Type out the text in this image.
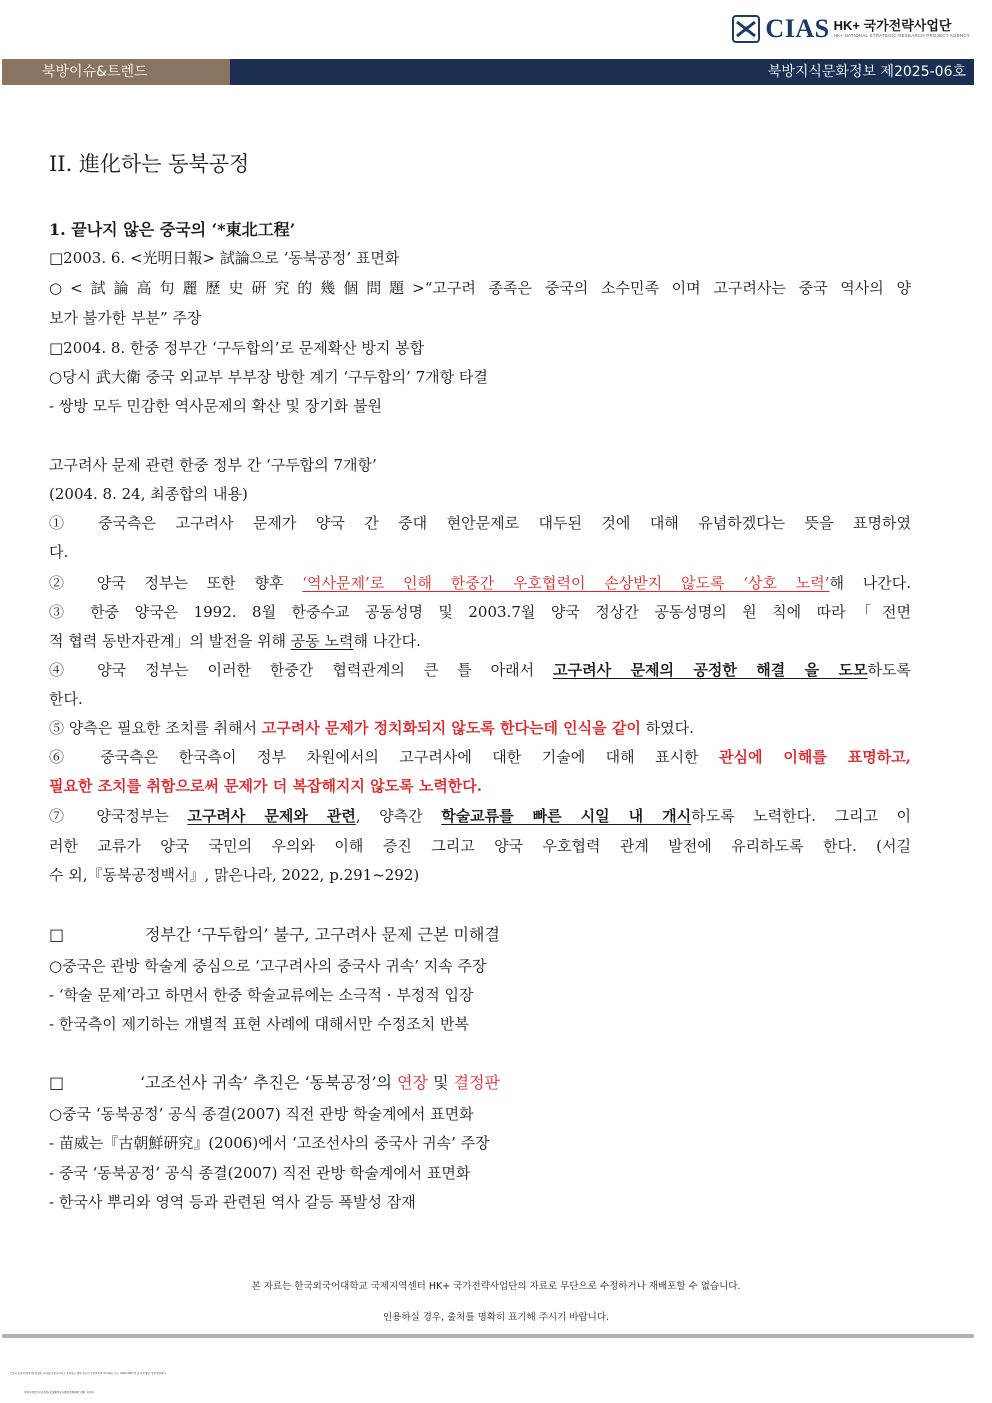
CIAS HK+ 국가전략사업단
HK+ NATIONAL STRATEGIC RESEARCH PROJECT AGENCY
북방이슈&트렌드	북방지식문화정보 제2025-06호
II. 進化하는 동북공정
1. 끝나지 않은 중국의 ‘*東北工程’
□2003. 6. <光明日報> 試論으로 ‘동북공정’ 표면화
○<試論高句麗歷史硏究的幾個問題>“고구려 종족은 중국의 소수민족 이며 고구려사는 중국 역사의 양
보가 불가한 부분” 주장
□2004. 8. 한중 정부간 ‘구두합의’로 문제확산 방지 봉합
○당시 武大衛 중국 외교부 부부장 방한 계기 ‘구두합의’ 7개항 타결
- 쌍방 모두 민감한 역사문제의 확산 및 장기화 불원
고구려사 문제 관련 한중 정부 간 ‘구두합의 7개항’
(2004. 8. 24, 최종합의 내용)
① 중국측은 고구려사 문제가 양국 간 중대 현안문제로 대두된 것에 대해 유념하겠다는 뜻을 표명하였
다.
② 양국 정부는 또한 향후 ‘역사문제’로 인해 한중간 우호협력이 손상받지 않도록 ‘상호 노력’해 나간다.
③ 한중 양국은 1992. 8월 한중수교 공동성명 및 2003.7월 양국 정상간 공동성명의 원 칙에 따라「전면
적 협력 동반자관계」의 발전을 위해 공동 노력해 나간다.
④ 양국 정부는 이러한 한중간 협력관계의 큰 틀 아래서 고구려사 문제의 공정한 해결 을 도모하도록
한다.
⑤ 양측은 필요한 조치를 취해서 고구려사 문제가 정치화되지 않도록 한다는데 인식을 같이 하였다.
⑥ 중국측은 한국측이 정부 차원에서의 고구려사에 대한 기술에 대해 표시한 관심에 이해를 표명하고,
필요한 조치를 취함으로써 문제가 더 복잡해지지 않도록 노력한다.
⑦ 양국정부는 고구려사 문제와 관련, 양측간 학술교류를 빠른 시일 내 개시하도록 노력한다. 그리고 이
러한 교류가 양국 국민의 우의와 이해 증진 그리고 양국 우호협력 관계 발전에 유리하도록 한다. (서길
수 외,『동북공정백서』, 맑은나라, 2022, p.291~292)
□	정부간 ‘구두합의’ 불구, 고구려사 문제 근본 미해결
○중국은 관방 학술계 중심으로 ‘고구려사의 중국사 귀속’ 지속 주장
- ‘학술 문제’라고 하면서 한중 학술교류에는 소극적 · 부정적 입장
- 한국측이 제기하는 개별적 표현 사례에 대해서만 수정조치 반복
□	‘고조선사 귀속’ 추진은 ‘동북공정’의 연장 및 결정판
○중국 ‘동북공정’ 공식 종결(2007) 직전 관방 학술계에서 표면화
- 苗威는『古朝鮮硏究』(2006)에서 ‘고조선사의 중국사 귀속’ 주장
- 중국 ‘동북공정’ 공식 종결(2007) 직전 관방 학술계에서 표면화
- 한국사 뿌리와 영역 등과 관련된 역사 갈등 폭발성 잠재
본 자료는 한국외국어대학교 국제지역센터 HK+ 국가전략사업단의 자료로 무단으로 수정하거나 재배포할 수 없습니다.
인용하실 경우, 출처를 명확히 표기해 주시기 바랍니다.
* 중국 동북부(만주)에 있었던 나라들이 중국사라고 주장하는 정부 주도의 수정주의적 역사왜곡 시도. 2002-2007년 공식 수행된 ‘동북변강역사
여현상계열연구공정(东北边疆历史与现状系列硏究工程)’ 축약어
